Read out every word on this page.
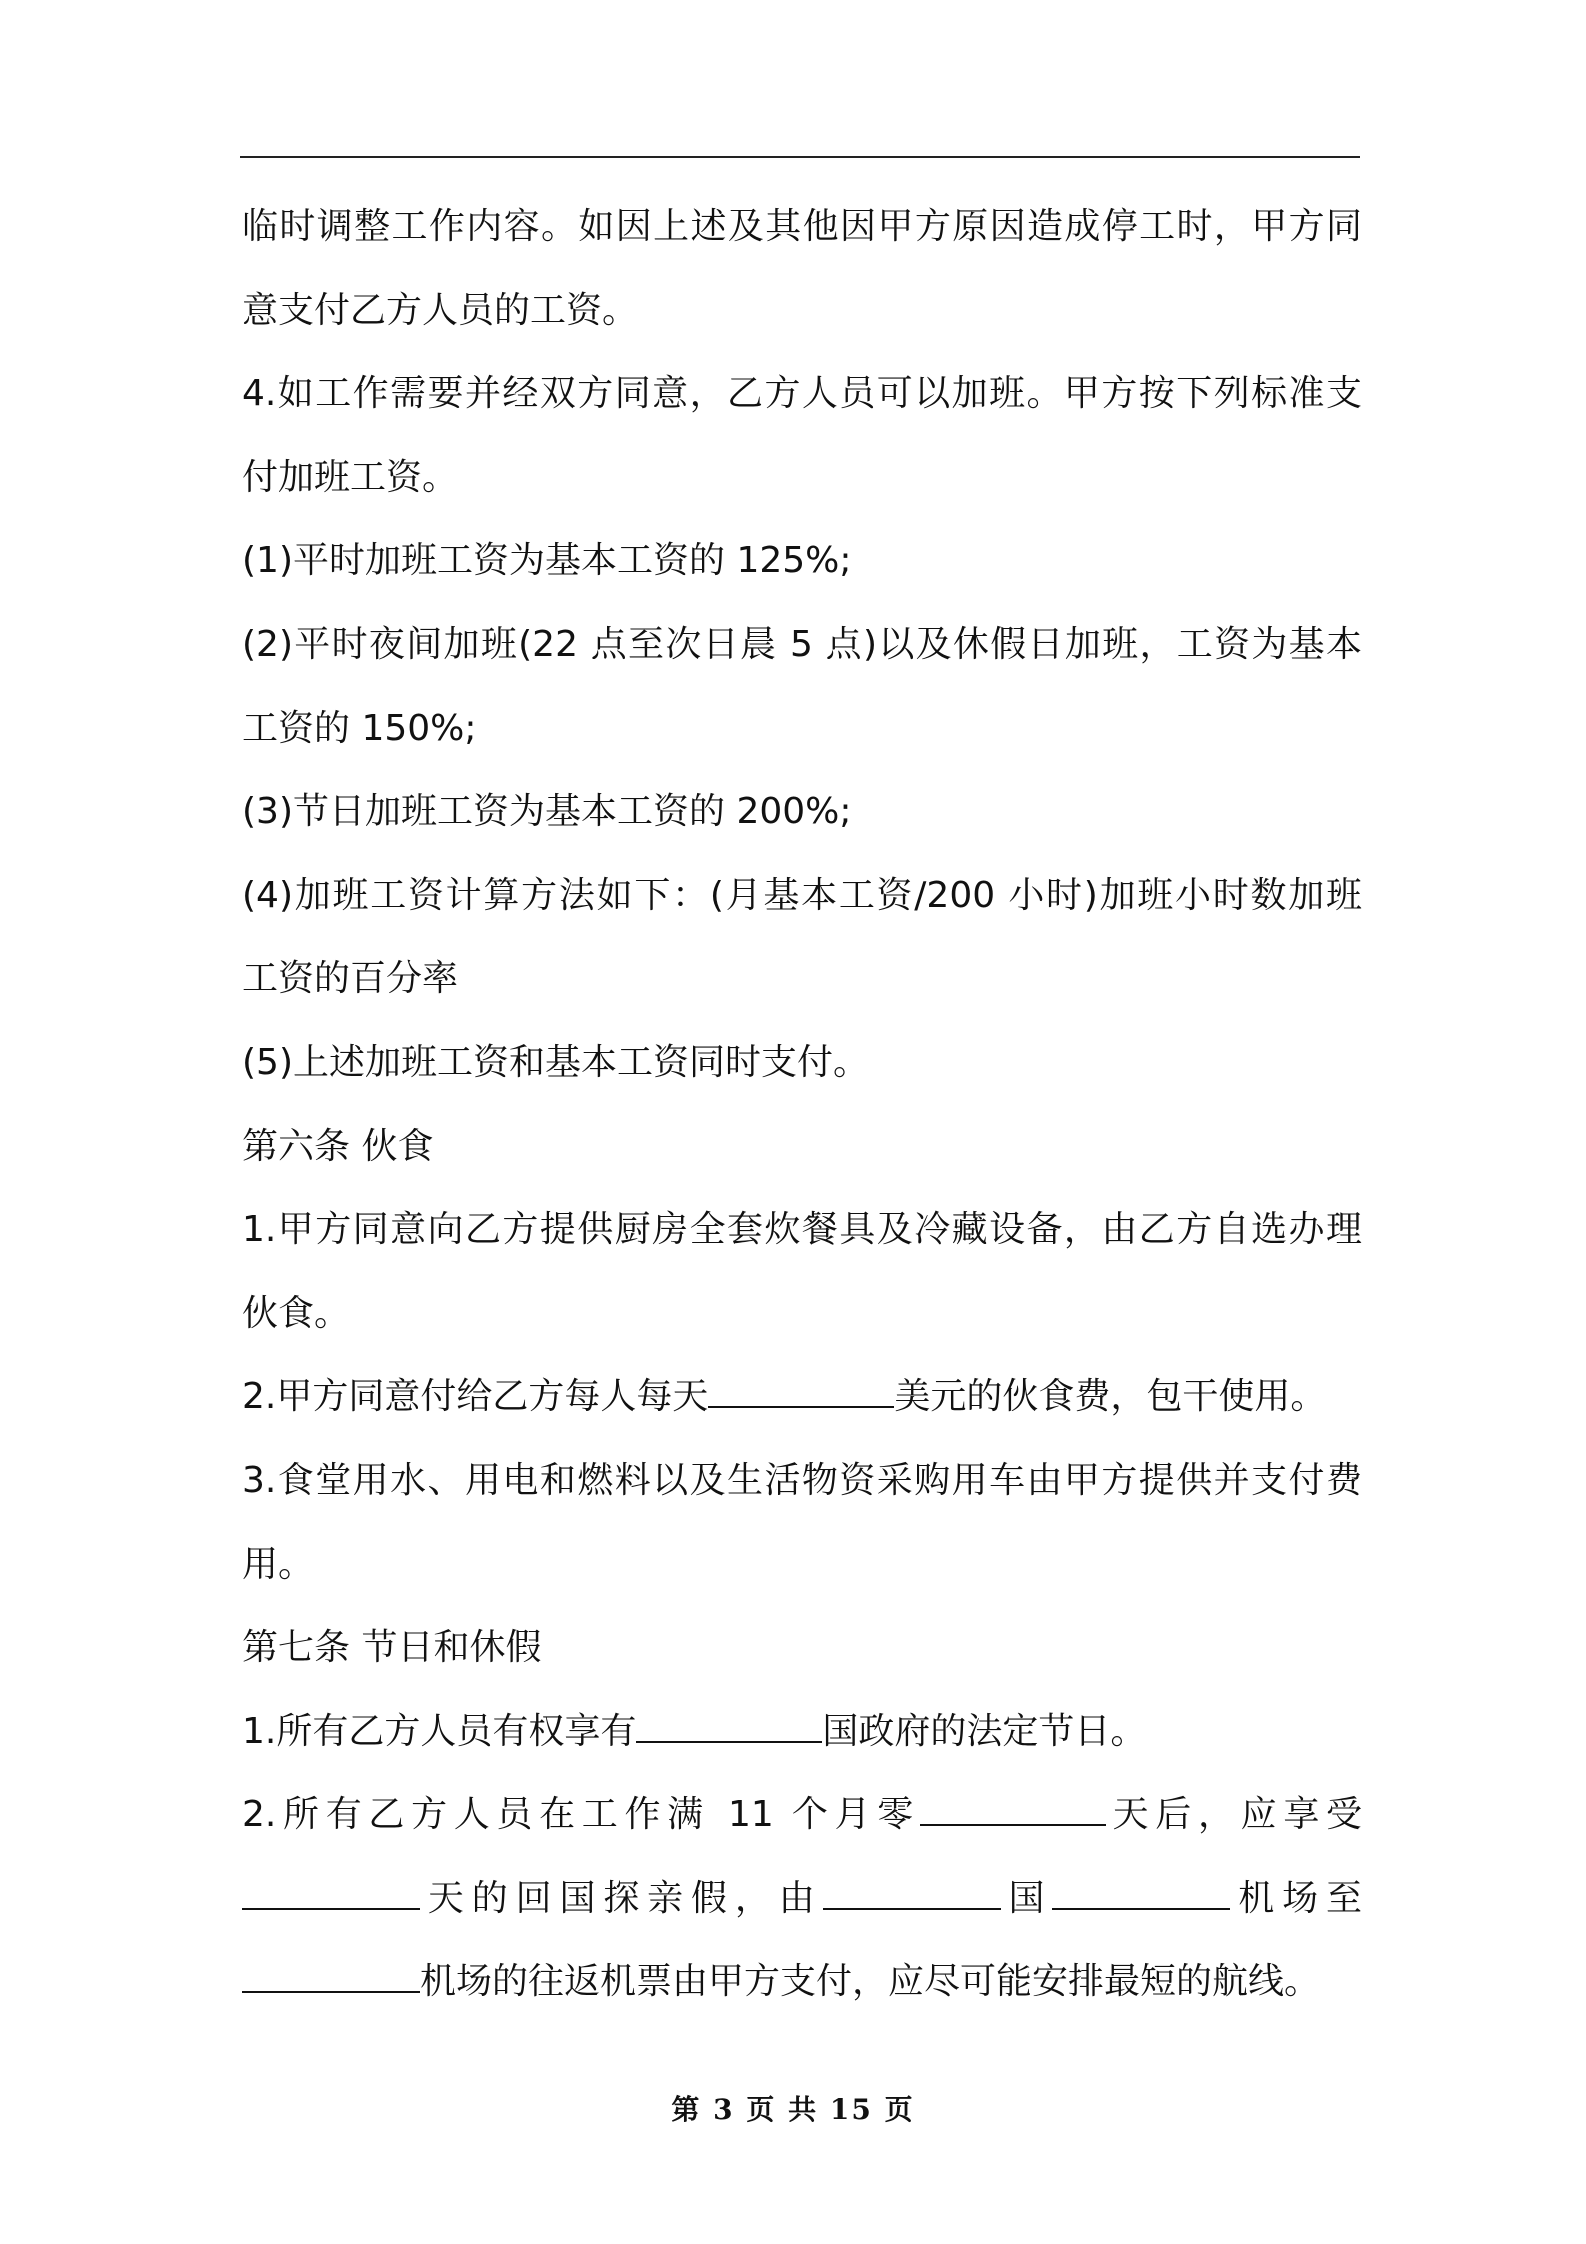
临时调整工作内容。如因上述及其他因甲方原因造成停工时，甲方同
意支付乙方人员的工资。
4.如工作需要并经双方同意，乙方人员可以加班。甲方按下列标准支
付加班工资。
(1)平时加班工资为基本工资的 125%;
(2)平时夜间加班(22 点至次日晨 5 点)以及休假日加班，工资为基本
工资的 150%;
(3)节日加班工资为基本工资的 200%;
(4)加班工资计算方法如下：(月基本工资/200 小时)加班小时数加班
工资的百分率
(5)上述加班工资和基本工资同时支付。
第六条 伙食
1.甲方同意向乙方提供厨房全套炊餐具及冷藏设备，由乙方自选办理
伙食。
2.甲方同意付给乙方每人每天	美元的伙食费，包干使用。
3.食堂用水、用电和燃料以及生活物资采购用车由甲方提供并支付费
用。
第七条 节日和休假
1.所有乙方人员有权享有	国政府的法定节日。
2.所有乙方人员在工作满 11 个月零	天后，应享受
天的回国探亲假，由	国	机场至
机场的往返机票由甲方支付，应尽可能安排最短的航线。
第 3 页 共 15 页
